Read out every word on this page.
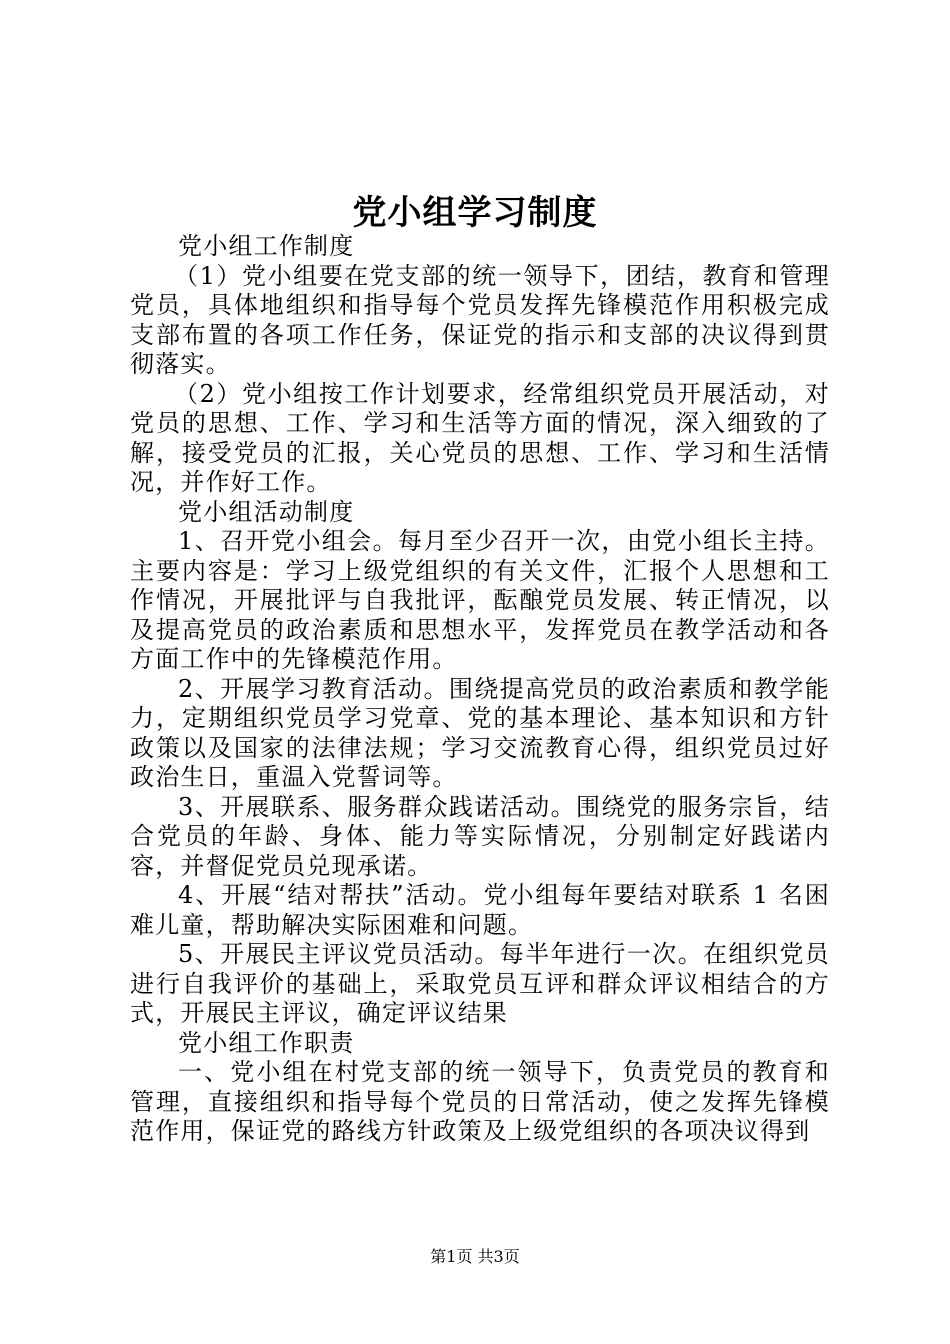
党小组学习制度

党小组工作制度

（1）党小组要在党支部的统一领导下，团结，教育和管理党员，具体地组织和指导每个党员发挥先锋模范作用积极完成支部布置的各项工作任务，保证党的指示和支部的决议得到贯彻落实。

（2）党小组按工作计划要求，经常组织党员开展活动，对党员的思想、工作、学习和生活等方面的情况，深入细致的了解，接受党员的汇报，关心党员的思想、工作、学习和生活情况，并作好工作。

党小组活动制度

1、召开党小组会。每月至少召开一次，由党小组长主持。主要内容是：学习上级党组织的有关文件，汇报个人思想和工作情况，开展批评与自我批评，酝酿党员发展、转正情况，以及提高党员的政治素质和思想水平，发挥党员在教学活动和各方面工作中的先锋模范作用。

2、开展学习教育活动。围绕提高党员的政治素质和教学能力，定期组织党员学习党章、党的基本理论、基本知识和方针政策以及国家的法律法规；学习交流教育心得，组织党员过好政治生日，重温入党誓词等。

3、开展联系、服务群众践诺活动。围绕党的服务宗旨，结合党员的年龄、身体、能力等实际情况，分别制定好践诺内容，并督促党员兑现承诺。

4、开展“结对帮扶”活动。党小组每年要结对联系 1 名困难儿童，帮助解决实际困难和问题。

5、开展民主评议党员活动。每半年进行一次。在组织党员进行自我评价的基础上，采取党员互评和群众评议相结合的方式，开展民主评议，确定评议结果

党小组工作职责

一、党小组在村党支部的统一领导下，负责党员的教育和管理，直接组织和指导每个党员的日常活动，使之发挥先锋模范作用，保证党的路线方针政策及上级党组织的各项决议得到

第1页 共3页
